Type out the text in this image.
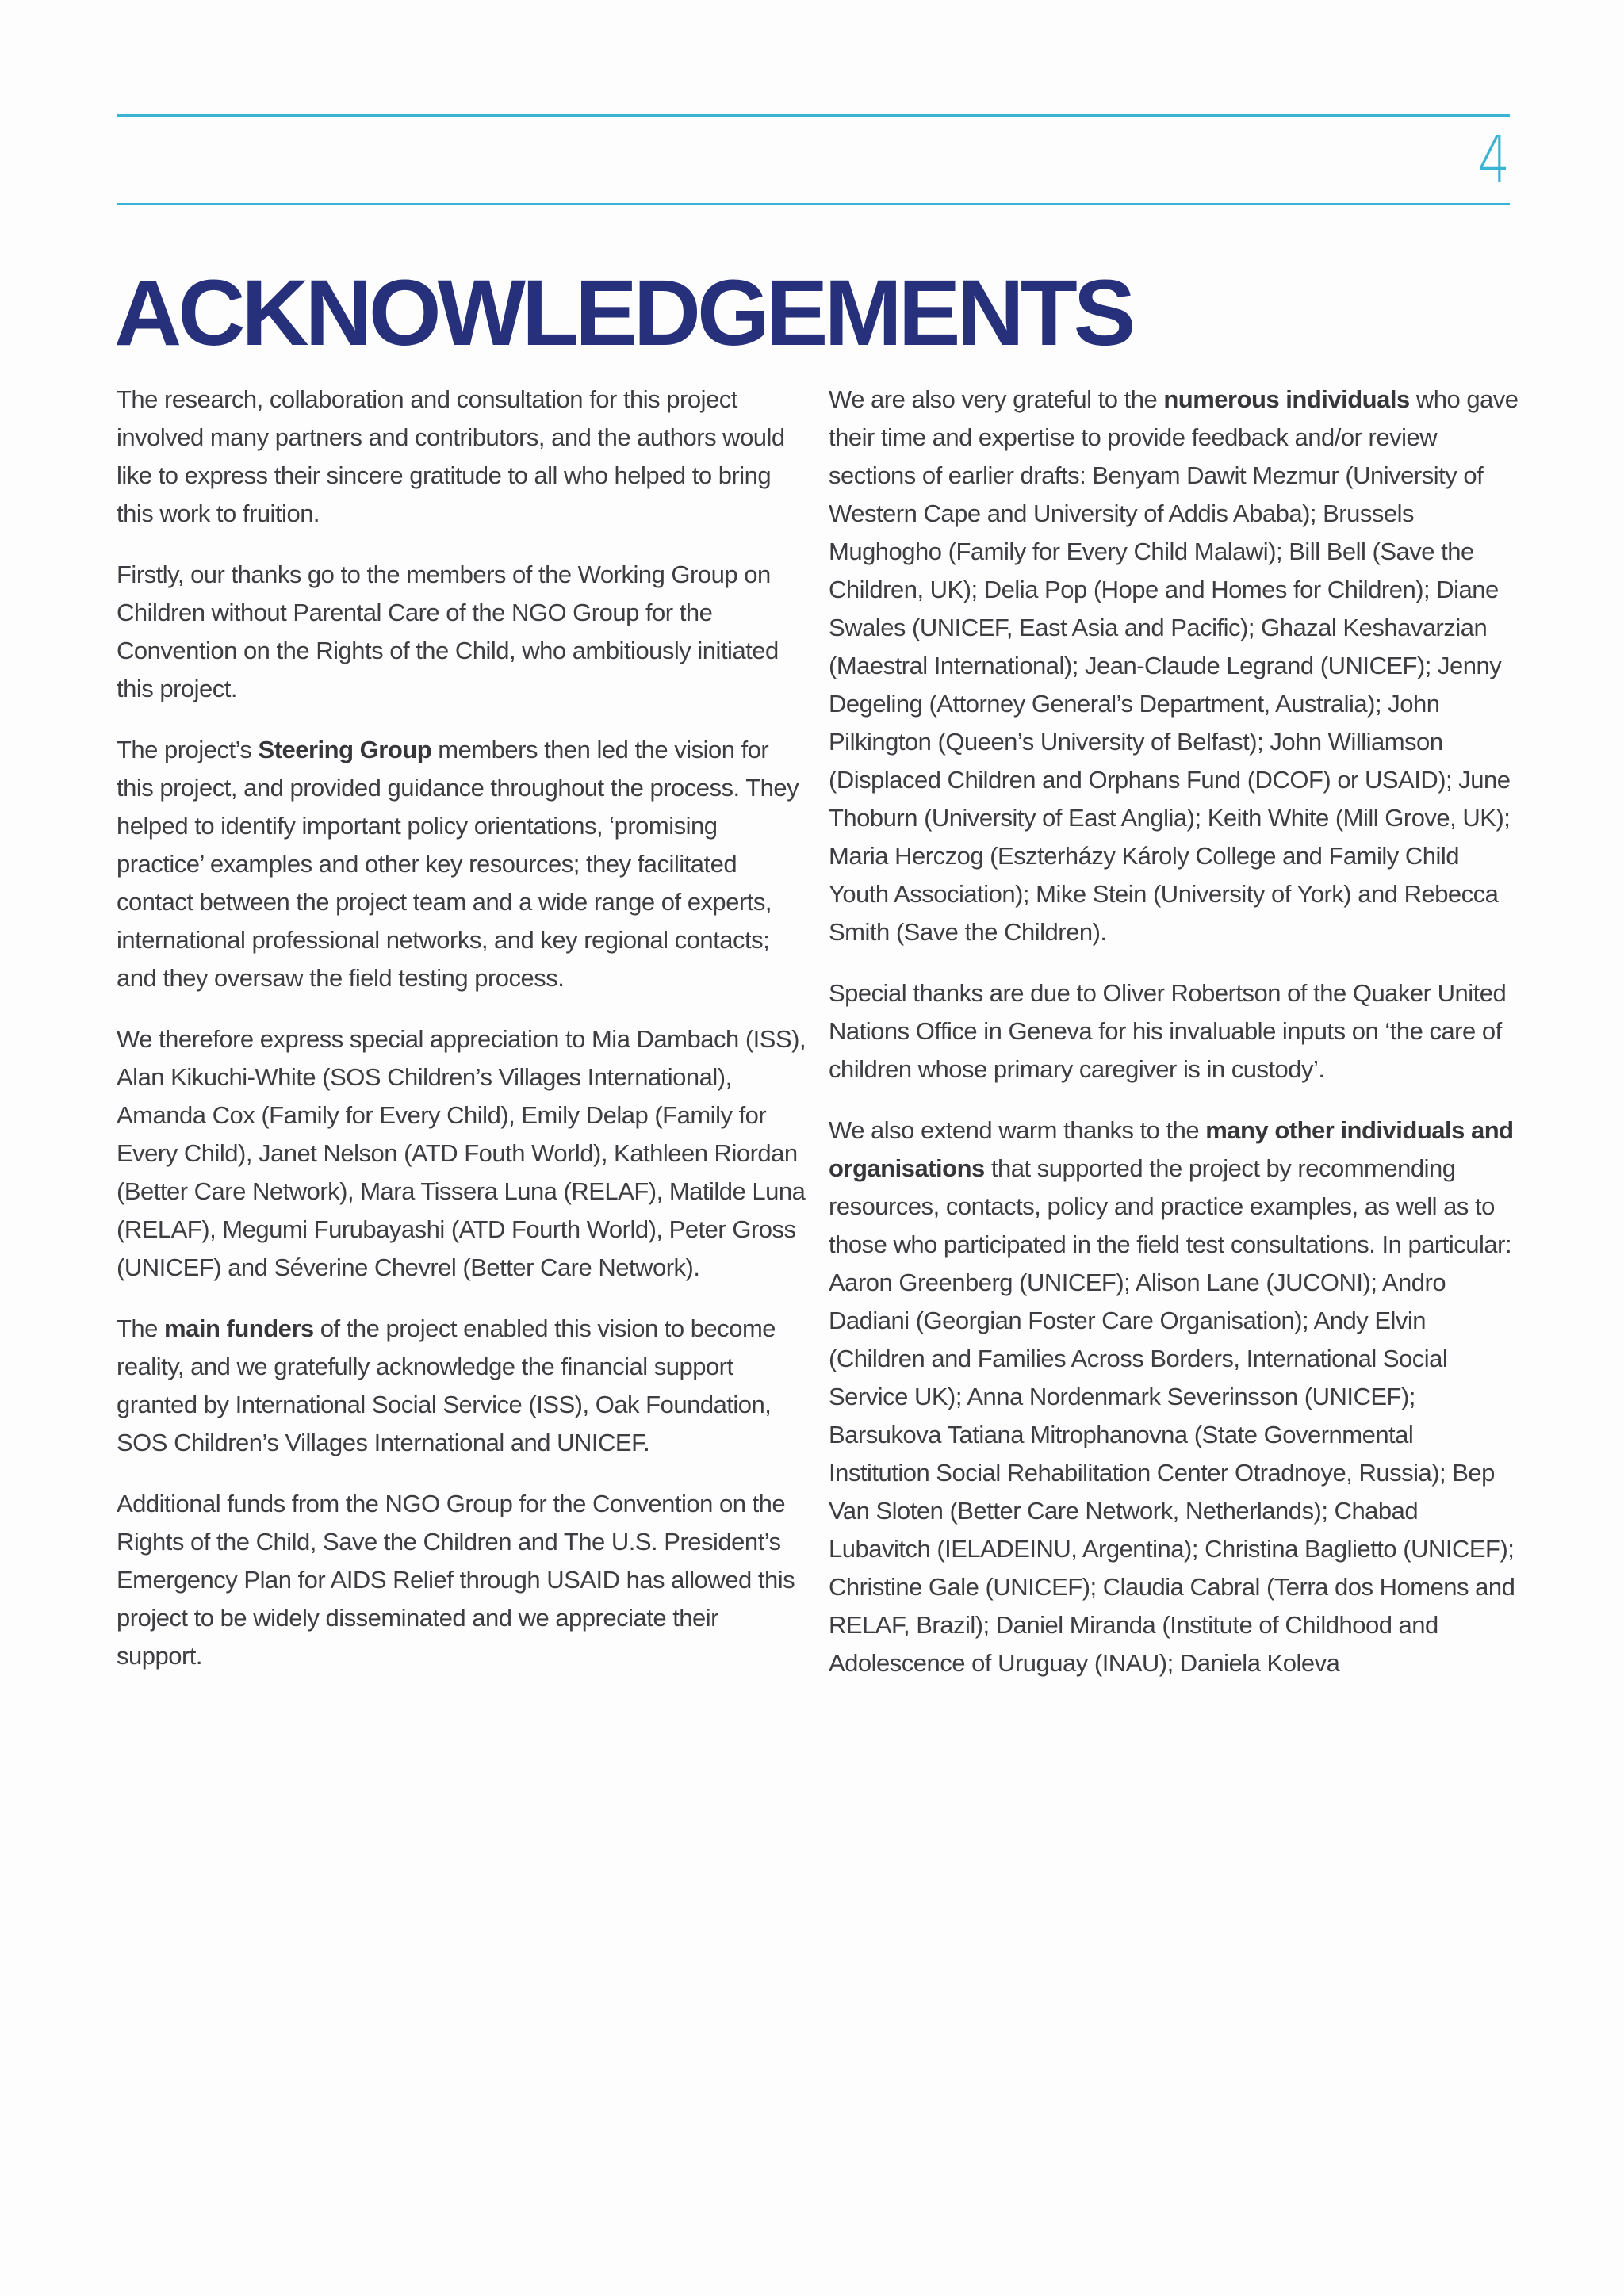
4
ACKNOWLEDGEMENTS

The research, collaboration and consultation for this project involved many partners and contributors, and the authors would like to express their sincere gratitude to all who helped to bring this work to fruition.

Firstly, our thanks go to the members of the Working Group on Children without Parental Care of the NGO Group for the Convention on the Rights of the Child, who ambitiously initiated this project.

The project’s Steering Group members then led the vision for this project, and provided guidance throughout the process. They helped to identify important policy orientations, ‘promising practice’ examples and other key resources; they facilitated contact between the project team and a wide range of experts, international professional networks, and key regional contacts; and they oversaw the field testing process.

We therefore express special appreciation to Mia Dambach (ISS), Alan Kikuchi-White (SOS Children’s Villages International), Amanda Cox (Family for Every Child), Emily Delap (Family for Every Child), Janet Nelson (ATD Fouth World), Kathleen Riordan (Better Care Network), Mara Tissera Luna (RELAF), Matilde Luna (RELAF), Megumi Furubayashi (ATD Fourth World), Peter Gross (UNICEF) and Séverine Chevrel (Better Care Network).

The main funders of the project enabled this vision to become reality, and we gratefully acknowledge the financial support granted by International Social Service (ISS), Oak Foundation, SOS Children’s Villages International and UNICEF.

Additional funds from the NGO Group for the Convention on the Rights of the Child, Save the Children and The U.S. President’s Emergency Plan for AIDS Relief through USAID has allowed this project to be widely disseminated and we appreciate their support.

We are also very grateful to the numerous individuals who gave their time and expertise to provide feedback and/or review sections of earlier drafts: Benyam Dawit Mezmur (University of Western Cape and University of Addis Ababa); Brussels Mughogho (Family for Every Child Malawi); Bill Bell (Save the Children, UK); Delia Pop (Hope and Homes for Children); Diane Swales (UNICEF, East Asia and Pacific); Ghazal Keshavarzian (Maestral International); Jean-Claude Legrand (UNICEF); Jenny Degeling (Attorney General’s Department, Australia); John Pilkington (Queen’s University of Belfast); John Williamson (Displaced Children and Orphans Fund (DCOF) or USAID); June Thoburn (University of East Anglia); Keith White (Mill Grove, UK); Maria Herczog (Eszterházy Károly College and Family Child Youth Association); Mike Stein (University of York) and Rebecca Smith (Save the Children).

Special thanks are due to Oliver Robertson of the Quaker United Nations Office in Geneva for his invaluable inputs on ‘the care of children whose primary caregiver is in custody’.

We also extend warm thanks to the many other individuals and organisations that supported the project by recommending resources, contacts, policy and practice examples, as well as to those who participated in the field test consultations. In particular: Aaron Greenberg (UNICEF); Alison Lane (JUCONI); Andro Dadiani (Georgian Foster Care Organisation); Andy Elvin (Children and Families Across Borders, International Social Service UK); Anna Nordenmark Severinsson (UNICEF); Barsukova Tatiana Mitrophanovna (State Governmental Institution Social Rehabilitation Center Otradnoye, Russia); Bep Van Sloten (Better Care Network, Netherlands); Chabad Lubavitch (IELADEINU, Argentina); Christina Baglietto (UNICEF); Christine Gale (UNICEF); Claudia Cabral (Terra dos Homens and RELAF, Brazil); Daniel Miranda (Institute of Childhood and Adolescence of Uruguay (INAU); Daniela Koleva
